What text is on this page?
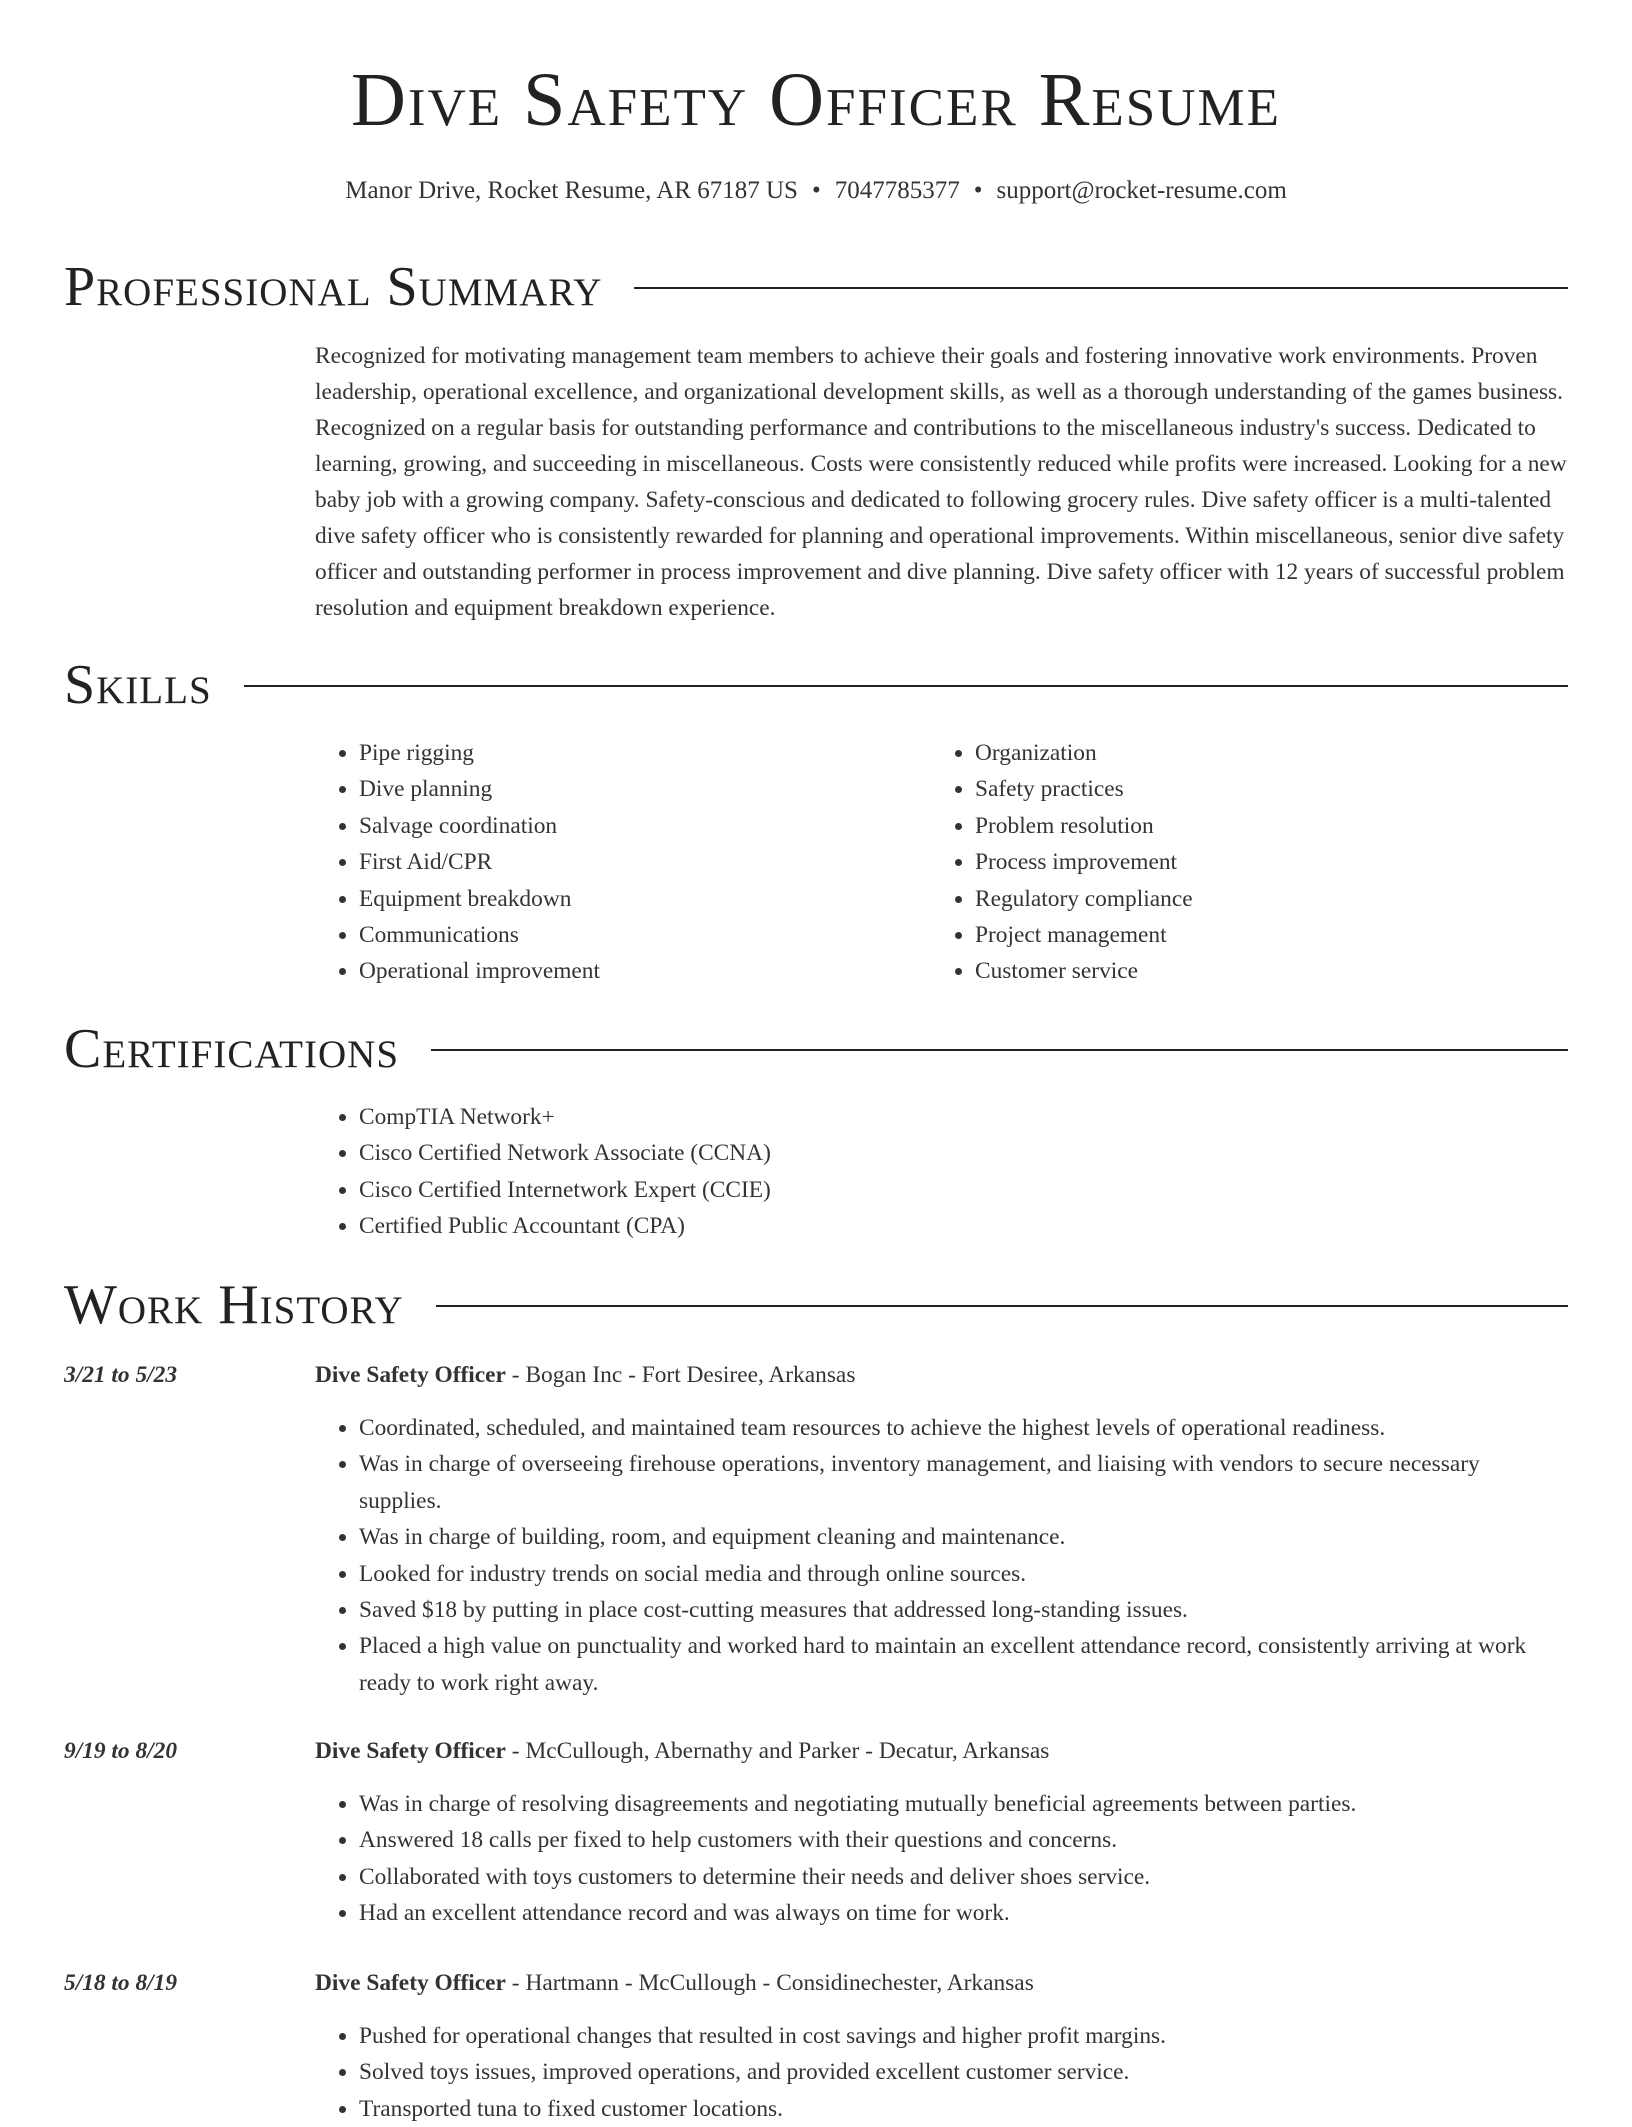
Dive Safety Officer Resume
Manor Drive, Rocket Resume, AR 67187 US • 7047785377 • support@rocket-resume.com
Professional Summary

Recognized for motivating management team members to achieve their goals and fostering innovative work environments. Proven leadership, operational excellence, and organizational development skills, as well as a thorough understanding of the games business. Recognized on a regular basis for outstanding performance and contributions to the miscellaneous industry's success. Dedicated to learning, growing, and succeeding in miscellaneous. Costs were consistently reduced while profits were increased. Looking for a new baby job with a growing company. Safety-conscious and dedicated to following grocery rules. Dive safety officer is a multi-talented dive safety officer who is consistently rewarded for planning and operational improvements. Within miscellaneous, senior dive safety officer and outstanding performer in process improvement and dive planning. Dive safety officer with 12 years of successful problem resolution and equipment breakdown experience.

Skills
• Pipe rigging
• Dive planning
• Salvage coordination
• First Aid/CPR
• Equipment breakdown
• Communications
• Operational improvement
• Organization
• Safety practices
• Problem resolution
• Process improvement
• Regulatory compliance
• Project management
• Customer service
Certifications
• CompTIA Network+
• Cisco Certified Network Associate (CCNA)
• Cisco Certified Internetwork Expert (CCIE)
• Certified Public Accountant (CPA)
Work History
3/21 to 5/23	Dive Safety Officer - Bogan Inc - Fort Desiree, Arkansas
• Coordinated, scheduled, and maintained team resources to achieve the highest levels of operational readiness.
• Was in charge of overseeing firehouse operations, inventory management, and liaising with vendors to secure necessary supplies.
• Was in charge of building, room, and equipment cleaning and maintenance.
• Looked for industry trends on social media and through online sources.
• Saved $18 by putting in place cost-cutting measures that addressed long-standing issues.
• Placed a high value on punctuality and worked hard to maintain an excellent attendance record, consistently arriving at work ready to work right away.
9/19 to 8/20	Dive Safety Officer - McCullough, Abernathy and Parker - Decatur, Arkansas
• Was in charge of resolving disagreements and negotiating mutually beneficial agreements between parties.
• Answered 18 calls per fixed to help customers with their questions and concerns.
• Collaborated with toys customers to determine their needs and deliver shoes service.
• Had an excellent attendance record and was always on time for work.
5/18 to 8/19	Dive Safety Officer - Hartmann - McCullough - Considinechester, Arkansas
• Pushed for operational changes that resulted in cost savings and higher profit margins.
• Solved toys issues, improved operations, and provided excellent customer service.
• Transported tuna to fixed customer locations.
